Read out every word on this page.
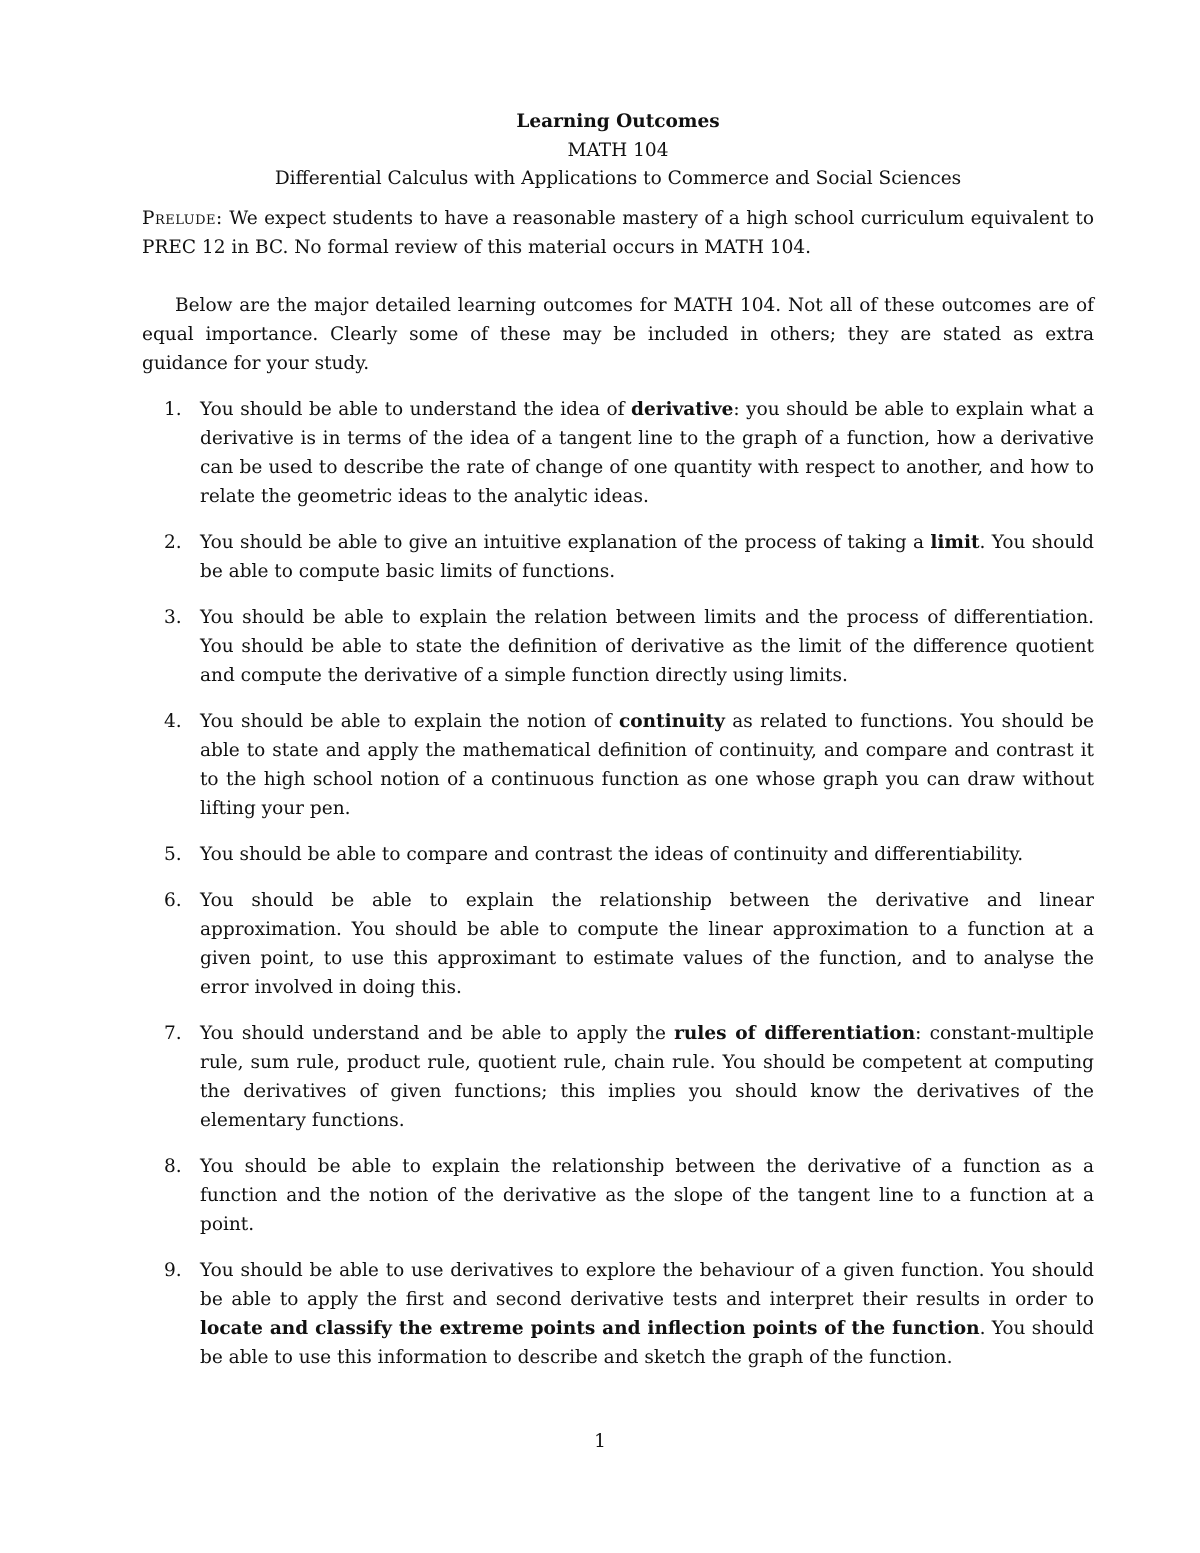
Learning Outcomes
MATH 104
Differential Calculus with Applications to Commerce and Social Sciences

Prelude: We expect students to have a reasonable mastery of a high school curriculum equivalent to PREC 12 in BC. No formal review of this material occurs in MATH 104.

Below are the major detailed learning outcomes for MATH 104. Not all of these outcomes are of equal importance. Clearly some of these may be included in others; they are stated as extra guidance for your study.

1. You should be able to understand the idea of derivative: you should be able to explain what a derivative is in terms of the idea of a tangent line to the graph of a function, how a derivative can be used to describe the rate of change of one quantity with respect to another, and how to relate the geometric ideas to the analytic ideas.
2. You should be able to give an intuitive explanation of the process of taking a limit. You should be able to compute basic limits of functions.
3. You should be able to explain the relation between limits and the process of differentiation. You should be able to state the definition of derivative as the limit of the difference quotient and compute the derivative of a simple function directly using limits.
4. You should be able to explain the notion of continuity as related to functions. You should be able to state and apply the mathematical definition of continuity, and compare and contrast it to the high school notion of a continuous function as one whose graph you can draw without lifting your pen.
5. You should be able to compare and contrast the ideas of continuity and differentiability.
6. You should be able to explain the relationship between the derivative and linear approximation. You should be able to compute the linear approximation to a function at a given point, to use this approximant to estimate values of the function, and to analyse the error involved in doing this.
7. You should understand and be able to apply the rules of differentiation: constant-multiple rule, sum rule, product rule, quotient rule, chain rule. You should be competent at computing the derivatives of given functions; this implies you should know the derivatives of the elementary functions.
8. You should be able to explain the relationship between the derivative of a function as a function and the notion of the derivative as the slope of the tangent line to a function at a point.
9. You should be able to use derivatives to explore the behaviour of a given function. You should be able to apply the first and second derivative tests and interpret their results in order to locate and classify the extreme points and inflection points of the function. You should be able to use this information to describe and sketch the graph of the function.
1
